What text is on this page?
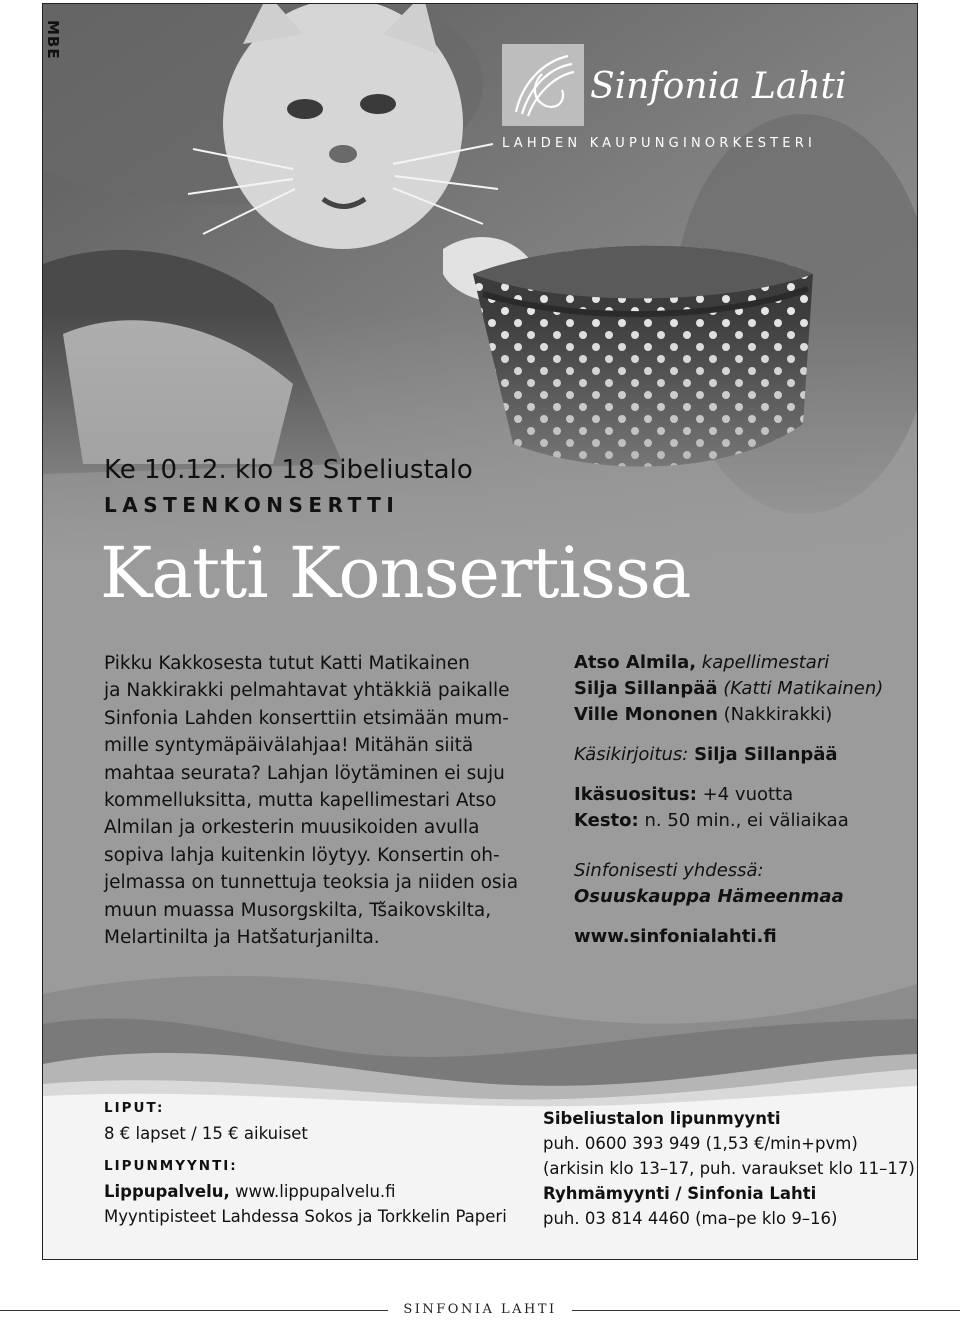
MBE
Sinfonia Lahti
LAHDEN KAUPUNGINORKESTERI
Ke 10.12. klo 18 Sibeliustalo
LASTENKONSERTTI
Katti Konsertissa
Pikku Kakkosesta tutut Katti Matikainen
ja Nakkirakki pelmahtavat yhtäkkiä paikalle
Sinfonia Lahden konserttiin etsimään mum-
mille syntymäpäivälahjaa! Mitähän siitä
mahtaa seurata? Lahjan löytäminen ei suju
kommelluksitta, mutta kapellimestari Atso
Almilan ja orkesterin muusikoiden avulla
sopiva lahja kuitenkin löytyy. Konsertin oh-
jelmassa on tunnettuja teoksia ja niiden osia
muun muassa Musorgskilta, Tšaikovskilta,
Melartinilta ja Hatšaturjanilta.
Atso Almila, kapellimestari
Silja Sillanpää (Katti Matikainen)
Ville Mononen (Nakkirakki)
Käsikirjoitus: Silja Sillanpää
Ikäsuositus: +4 vuotta
Kesto: n. 50 min., ei väliaikaa
Sinfonisesti yhdessä:
Osuuskauppa Hämeenmaa
www.sinfonialahti.fi
LIPUT:
8 € lapset / 15 € aikuiset
LIPUNMYYNTI:
Lippupalvelu, www.lippupalvelu.fi
Myyntipisteet Lahdessa Sokos ja Torkkelin Paperi
Sibeliustalon lipunmyynti
puh. 0600 393 949 (1,53 €/min+pvm)
(arkisin klo 13–17, puh. varaukset klo 11–17)
Ryhmämyynti / Sinfonia Lahti
puh. 03 814 4460 (ma–pe klo 9–16)
SINFONIA LAHTI
